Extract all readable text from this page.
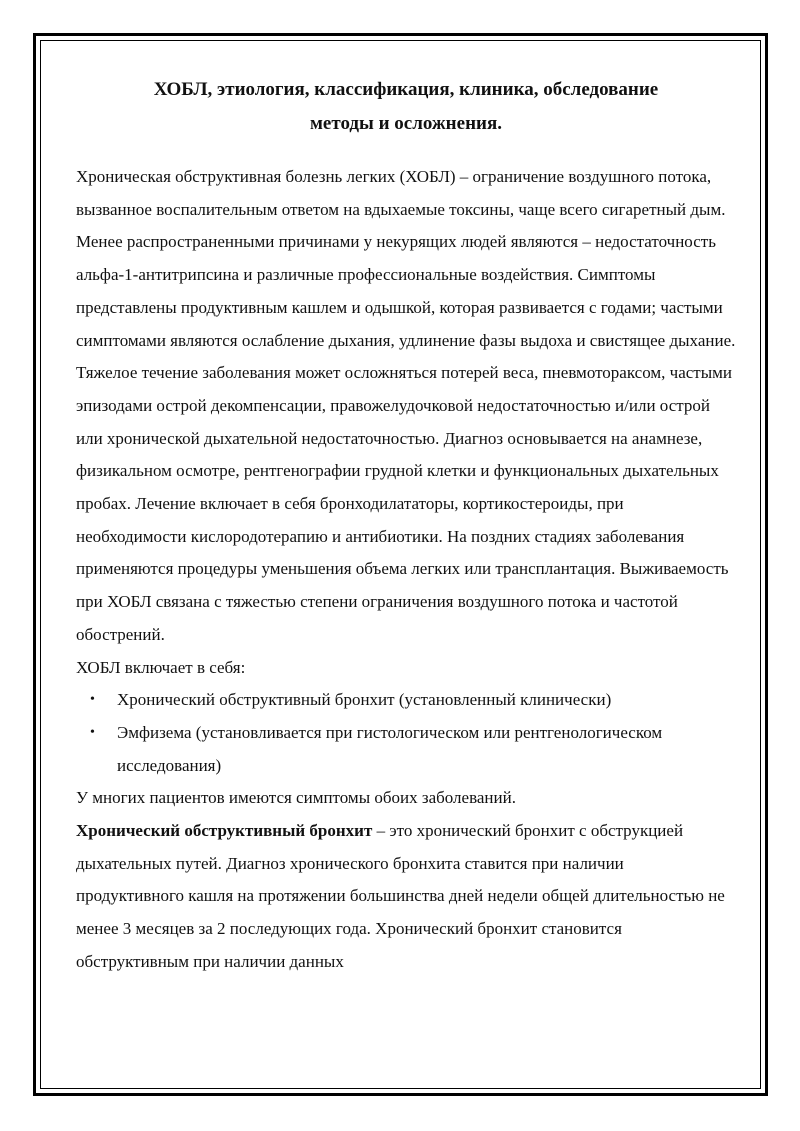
ХОБЛ, этиология, классификация, клиника, обследование
методы и осложнения.

Хроническая обструктивная болезнь легких (ХОБЛ) – ограничение воздушного потока, вызванное воспалительным ответом на вдыхаемые токсины, чаще всего сигаретный дым. Менее распространенными причинами у некурящих людей являются – недостаточность альфа-1-антитрипсина и различные профессиональные воздействия. Симптомы представлены продуктивным кашлем и одышкой, которая развивается с годами; частыми симптомами являются ослабление дыхания, удлинение фазы выдоха и свистящее дыхание. Тяжелое течение заболевания может осложняться потерей веса, пневмотораксом, частыми эпизодами острой декомпенсации, правожелудочковой недостаточностью и/или острой или хронической дыхательной недостаточностью. Диагноз основывается на анамнезе, физикальном осмотре, рентгенографии грудной клетки и функциональных дыхательных пробах. Лечение включает в себя бронходилататоры, кортикостероиды, при необходимости кислородотерапию и антибиотики. На поздних стадиях заболевания применяются процедуры уменьшения объема легких или трансплантация. Выживаемость при ХОБЛ связана с тяжестью степени ограничения воздушного потока и частотой обострений.

ХОБЛ включает в себя:

• Хронический обструктивный бронхит (установленный клинически)
• Эмфизема (установливается при гистологическом или рентгенологическом исследования)

У многих пациентов имеются симптомы обоих заболеваний.

Хронический обструктивный бронхит – это хронический бронхит с обструкцией дыхательных путей. Диагноз хронического бронхита ставится при наличии продуктивного кашля на протяжении большинства дней недели общей длительностью не менее 3 месяцев за 2 последующих года. Хронический бронхит становится обструктивным при наличии данных
